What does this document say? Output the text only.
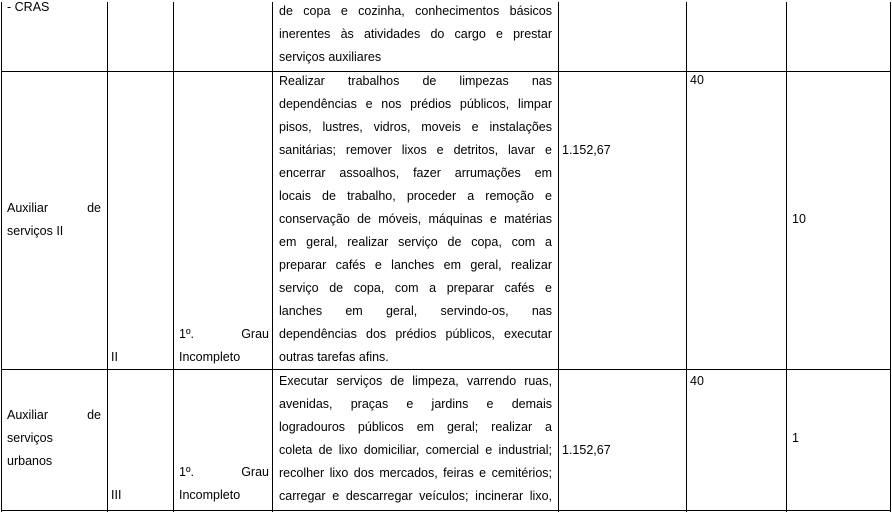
- CRAS	de copa e cozinha, conhecimentos básicos
inerentes às atividades do cargo e prestar
serviços auxiliares
Auxiliar de
serviços II
II
1º. Grau
Incompleto
Realizar trabalhos de limpezas nas
dependências e nos prédios públicos, limpar
pisos, lustres, vidros, moveis e instalações
sanitárias; remover lixos e detritos, lavar e
encerrar assoalhos, fazer arrumações em
locais de trabalho, proceder a remoção e
conservação de móveis, máquinas e matérias
em geral, realizar serviço de copa, com a
preparar cafés e lanches em geral, realizar
serviço de copa, com a preparar cafés e
lanches em geral, servindo-os, nas
dependências dos prédios públicos, executar
outras tarefas afins.
1.152,67
40
10
Auxiliar de
serviços
urbanos
III
1º. Grau
Incompleto
Executar serviços de limpeza, varrendo ruas,
avenidas, praças e jardins e demais
logradouros públicos em geral; realizar a
coleta de lixo domiciliar, comercial e industrial;
recolher lixo dos mercados, feiras e cemitérios;
carregar e descarregar veículos; incinerar lixo,
1.152,67
40
1
